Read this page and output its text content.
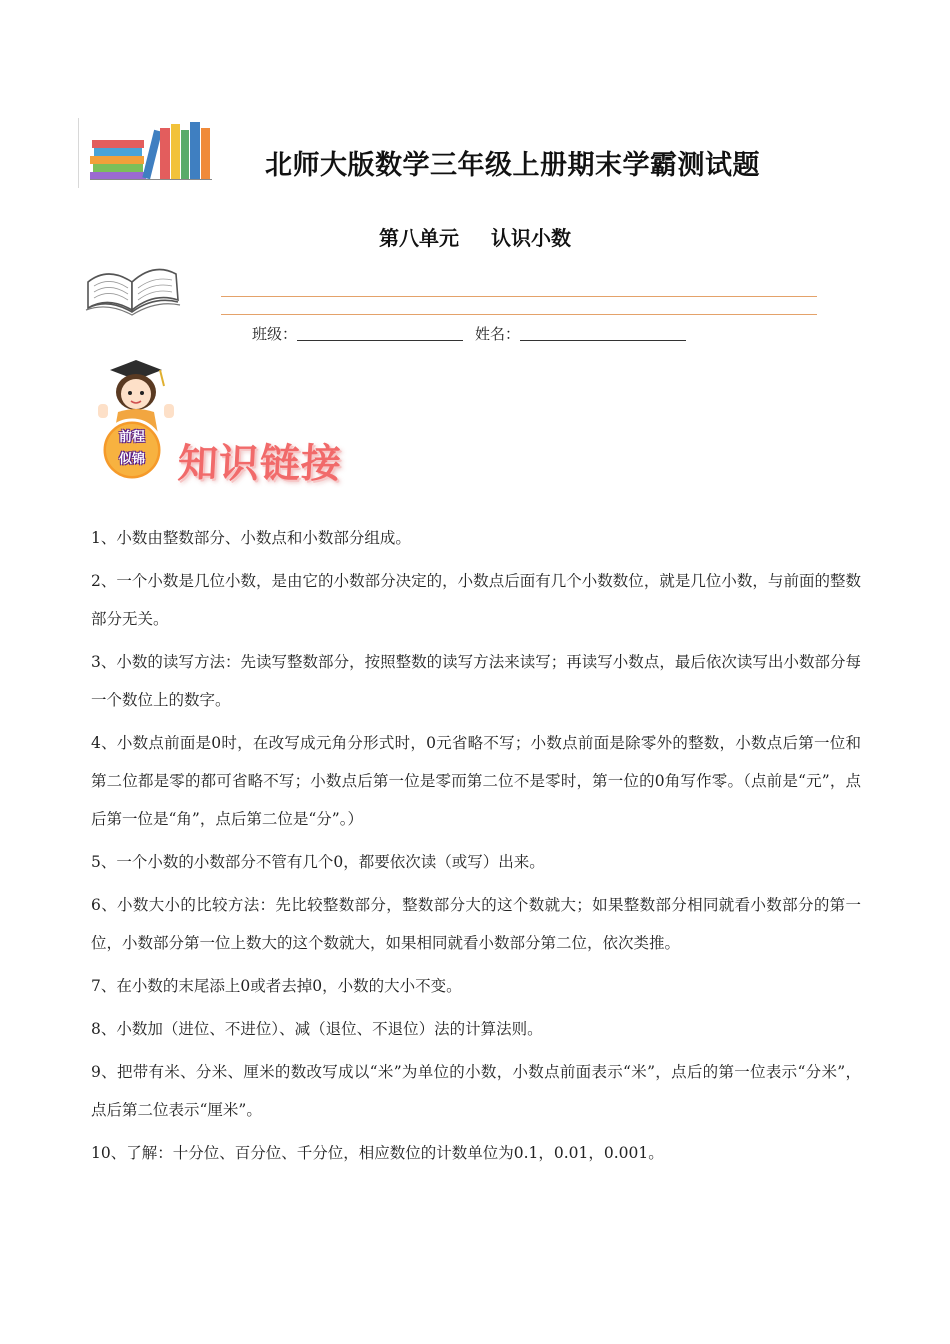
北师大版数学三年级上册期末学霸测试题
第八单元 认识小数
班级：	姓名：
前程
似锦 知识链接

1、小数由整数部分、小数点和小数部分组成。

2、一个小数是几位小数，是由它的小数部分决定的，小数点后面有几个小数数位，就是几位小数，与前面的整数部分无关。

3、小数的读写方法：先读写整数部分，按照整数的读写方法来读写；再读写小数点，最后依次读写出小数部分每一个数位上的数字。

4、小数点前面是0时，在改写成元角分形式时，0元省略不写；小数点前面是除零外的整数，小数点后第一位和第二位都是零的都可省略不写；小数点后第一位是零而第二位不是零时，第一位的0角写作零。（点前是“元”，点后第一位是“角”，点后第二位是“分”。）

5、一个小数的小数部分不管有几个0，都要依次读（或写）出来。

6、小数大小的比较方法：先比较整数部分，整数部分大的这个数就大；如果整数部分相同就看小数部分的第一位，小数部分第一位上数大的这个数就大，如果相同就看小数部分第二位，依次类推。

7、在小数的末尾添上0或者去掉0，小数的大小不变。

8、小数加（进位、不进位）、减（退位、不退位）法的计算法则。

9、把带有米、分米、厘米的数改写成以“米”为单位的小数，小数点前面表示“米”，点后的第一位表示“分米”，点后第二位表示“厘米”。

10、了解：十分位、百分位、千分位，相应数位的计数单位为0.1，0.01，0.001。
